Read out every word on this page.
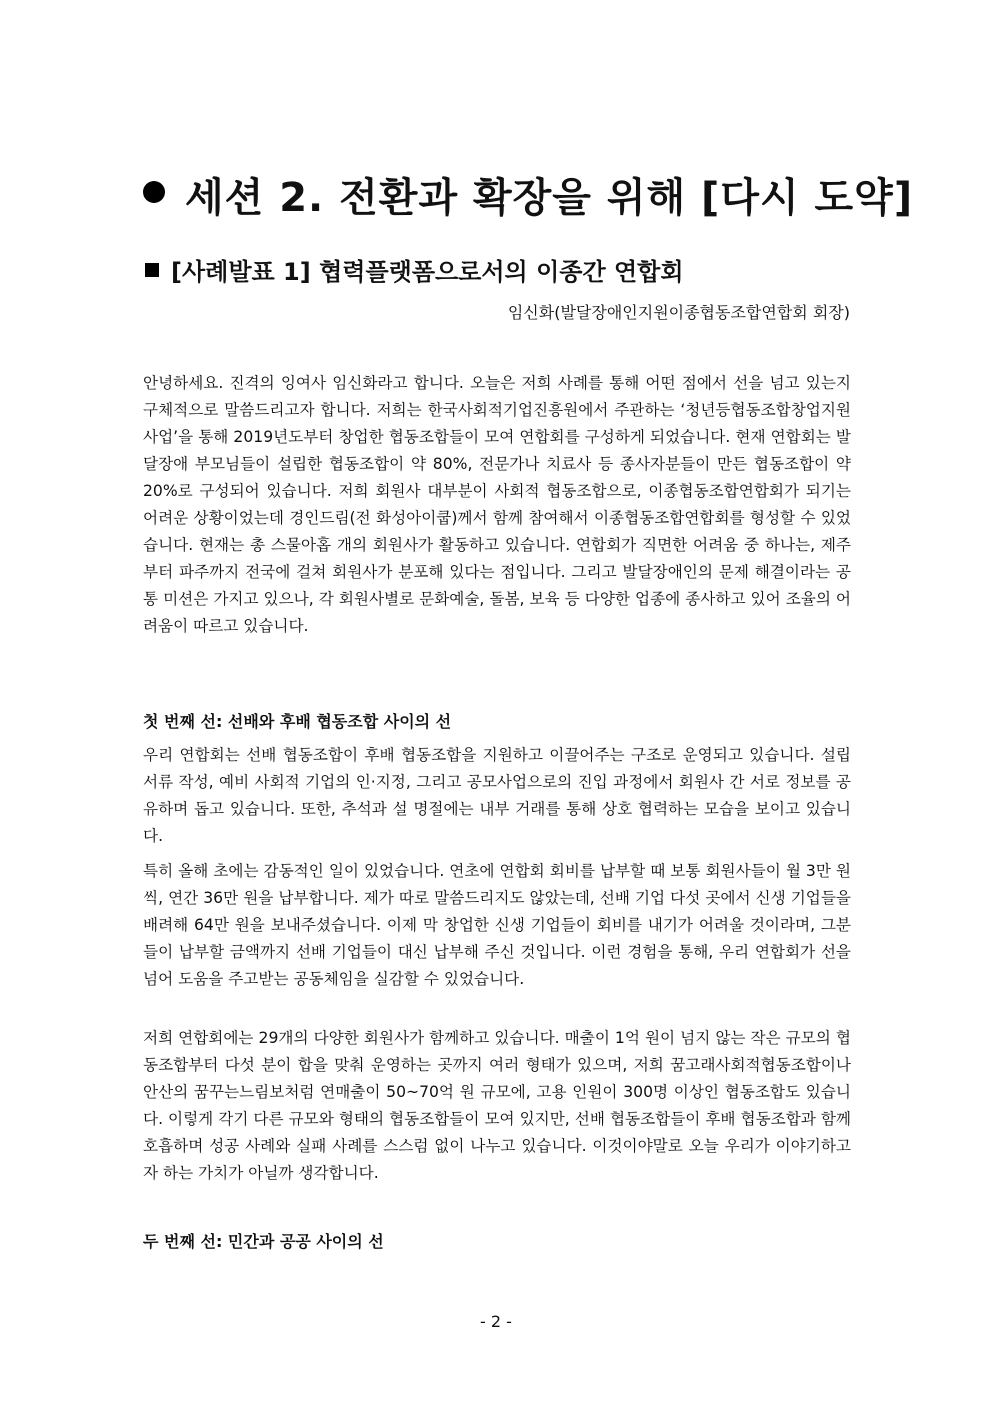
세션 2. 전환과 확장을 위해 [다시 도약]
[사례발표 1] 협력플랫폼으로서의 이종간 연합회
임신화(발달장애인지원이종협동조합연합회 회장)

안녕하세요. 진격의 잉여사 임신화라고 합니다. 오늘은 저희 사례를 통해 어떤 점에서 선을 넘고 있는지 구체적으로 말씀드리고자 합니다. 저희는 한국사회적기업진흥원에서 주관하는 ‘청년등협동조합창업지원사업’을 통해 2019년도부터 창업한 협동조합들이 모여 연합회를 구성하게 되었습니다. 현재 연합회는 발달장애 부모님들이 설립한 협동조합이 약 80%, 전문가나 치료사 등 종사자분들이 만든 협동조합이 약 20%로 구성되어 있습니다. 저희 회원사 대부분이 사회적 협동조합으로, 이종협동조합연합회가 되기는 어려운 상황이었는데 경인드림(전 화성아이쿱)께서 함께 참여해서 이종협동조합연합회를 형성할 수 있었습니다. 현재는 총 스물아홉 개의 회원사가 활동하고 있습니다. 연합회가 직면한 어려움 중 하나는, 제주부터 파주까지 전국에 걸쳐 회원사가 분포해 있다는 점입니다. 그리고 발달장애인의 문제 해결이라는 공통 미션은 가지고 있으나, 각 회원사별로 문화예술, 돌봄, 보육 등 다양한 업종에 종사하고 있어 조율의 어려움이 따르고 있습니다.

첫 번째 선: 선배와 후배 협동조합 사이의 선

우리 연합회는 선배 협동조합이 후배 협동조합을 지원하고 이끌어주는 구조로 운영되고 있습니다. 설립 서류 작성, 예비 사회적 기업의 인·지정, 그리고 공모사업으로의 진입 과정에서 회원사 간 서로 정보를 공유하며 돕고 있습니다. 또한, 추석과 설 명절에는 내부 거래를 통해 상호 협력하는 모습을 보이고 있습니다.

특히 올해 초에는 감동적인 일이 있었습니다. 연초에 연합회 회비를 납부할 때 보통 회원사들이 월 3만 원씩, 연간 36만 원을 납부합니다. 제가 따로 말씀드리지도 않았는데, 선배 기업 다섯 곳에서 신생 기업들을 배려해 64만 원을 보내주셨습니다. 이제 막 창업한 신생 기업들이 회비를 내기가 어려울 것이라며, 그분들이 납부할 금액까지 선배 기업들이 대신 납부해 주신 것입니다. 이런 경험을 통해, 우리 연합회가 선을 넘어 도움을 주고받는 공동체임을 실감할 수 있었습니다.

저희 연합회에는 29개의 다양한 회원사가 함께하고 있습니다. 매출이 1억 원이 넘지 않는 작은 규모의 협동조합부터 다섯 분이 합을 맞춰 운영하는 곳까지 여러 형태가 있으며, 저희 꿈고래사회적협동조합이나 안산의 꿈꾸는느림보처럼 연매출이 50~70억 원 규모에, 고용 인원이 300명 이상인 협동조합도 있습니다. 이렇게 각기 다른 규모와 형태의 협동조합들이 모여 있지만, 선배 협동조합들이 후배 협동조합과 함께 호흡하며 성공 사례와 실패 사례를 스스럼 없이 나누고 있습니다. 이것이야말로 오늘 우리가 이야기하고자 하는 가치가 아닐까 생각합니다.

두 번째 선: 민간과 공공 사이의 선

- 2 -
